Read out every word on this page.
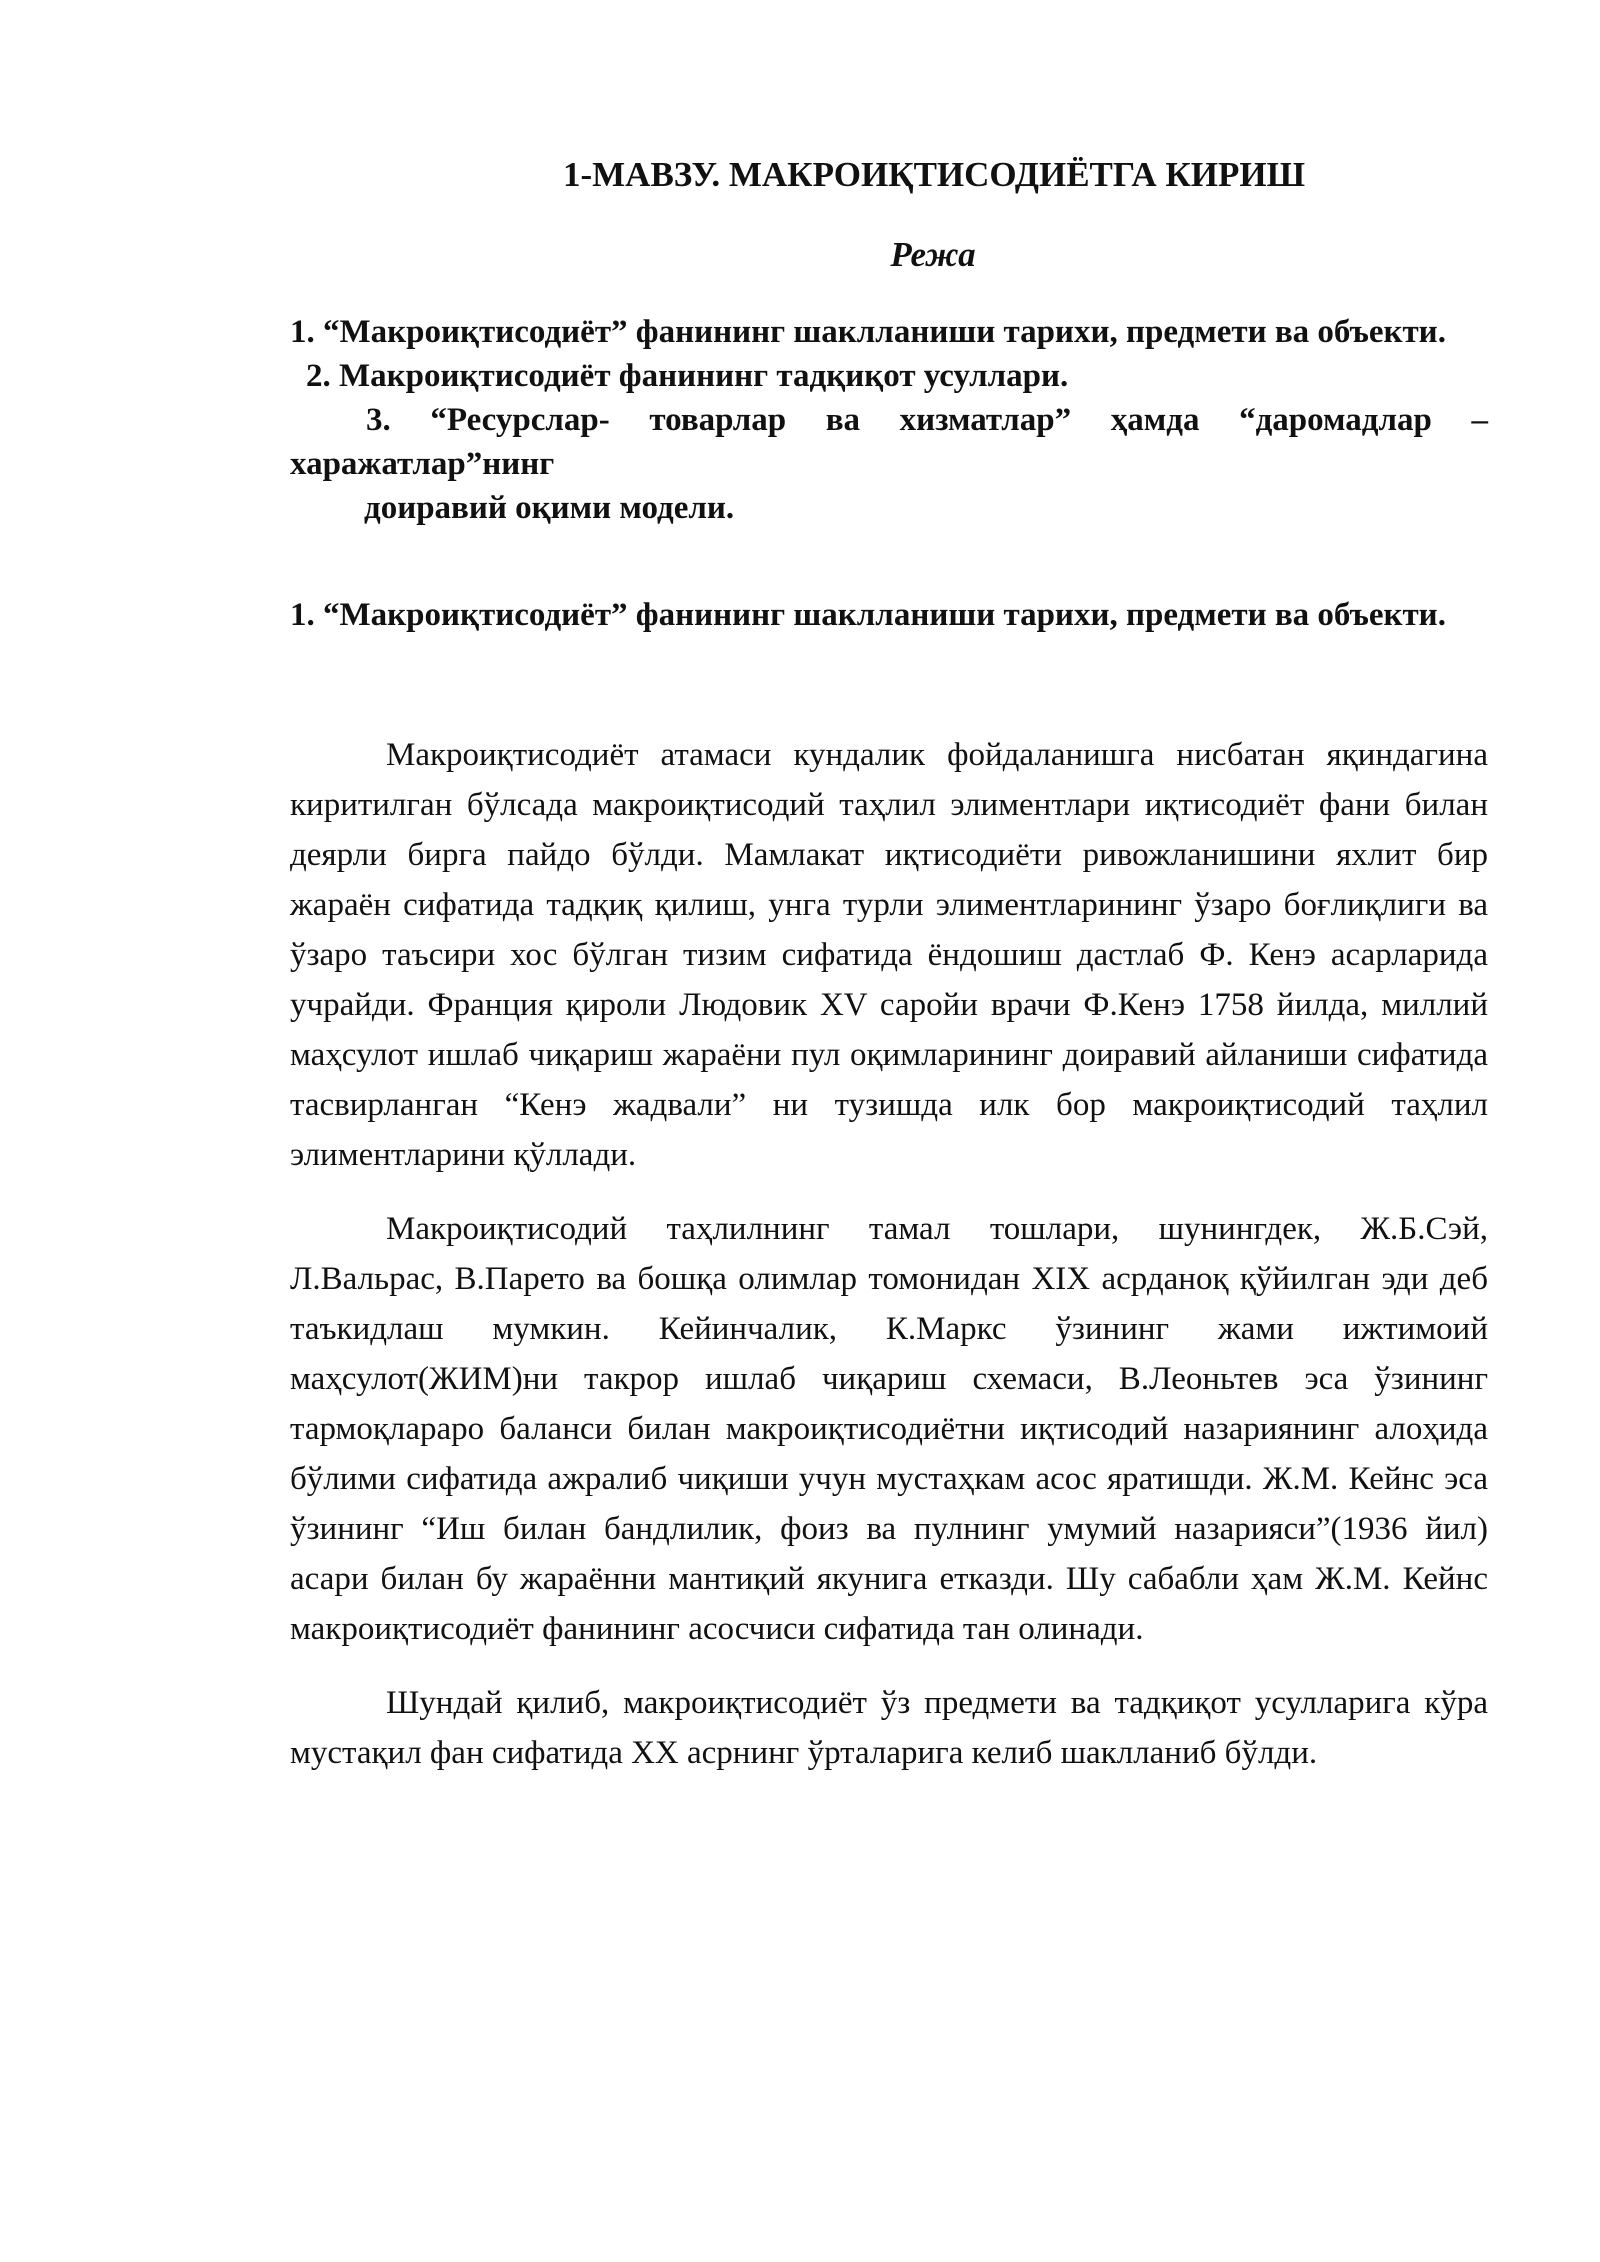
1-МАВЗУ. МАКРОИҚТИСОДИЁТГА КИРИШ
Режа

1. “Макроиқтисодиёт” фанининг шаклланиши тарихи, предмети ва объекти.

2. Макроиқтисодиёт фанининг тадқиқот усуллари.

3. “Ресурслар- товарлар ва хизматлар” ҳамда “даромадлар – харажатлар”нинг

доиравий оқими модели.

1. “Макроиқтисодиёт” фанининг шаклланиши тарихи, предмети ва объекти.

Макроиқтисодиёт атамаси кундалик фойдаланишга нисбатан яқиндагина киритилган бўлсада макроиқтисодий таҳлил элиментлари иқтисодиёт фани билан деярли бирга пайдо бўлди. Мамлакат иқтисодиёти ривожланишини яхлит бир жараён сифатида тадқиқ қилиш, унга турли элиментларининг ўзаро боғлиқлиги ва ўзаро таъсири хос бўлган тизим сифатида ёндошиш дастлаб Ф. Кенэ асарларида учрайди. Франция қироли Людовик XV саройи врачи Ф.Кенэ 1758 йилда, миллий маҳсулот ишлаб чиқариш жараёни пул оқимларининг доиравий айланиши сифатида тасвирланган “Кенэ жадвали” ни тузишда илк бор макроиқтисодий таҳлил элиментларини қўллади.

Макроиқтисодий таҳлилнинг тамал тошлари, шунингдек, Ж.Б.Сэй, Л.Вальрас, В.Парето ва бошқа олимлар томонидан XIX асрданоқ қўйилган эди деб таъкидлаш мумкин. Кейинчалик, К.Маркс ўзининг жами ижтимоий маҳсулот(ЖИМ)ни такрор ишлаб чиқариш схемаси, В.Леоньтев эса ўзининг тармоқлараро баланси билан макроиқтисодиётни иқтисодий назариянинг алоҳида бўлими сифатида ажралиб чиқиши учун мустаҳкам асос яратишди. Ж.М. Кейнс эса ўзининг “Иш билан бандлилик, фоиз ва пулнинг умумий назарияси”(1936 йил) асари билан бу жараённи мантиқий якунига етказди. Шу сабабли ҳам Ж.М. Кейнс макроиқтисодиёт фанининг асосчиси сифатида тан олинади.

Шундай қилиб, макроиқтисодиёт ўз предмети ва тадқиқот усулларига кўра мустақил фан сифатида XX асрнинг ўрталарига келиб шаклланиб бўлди.
